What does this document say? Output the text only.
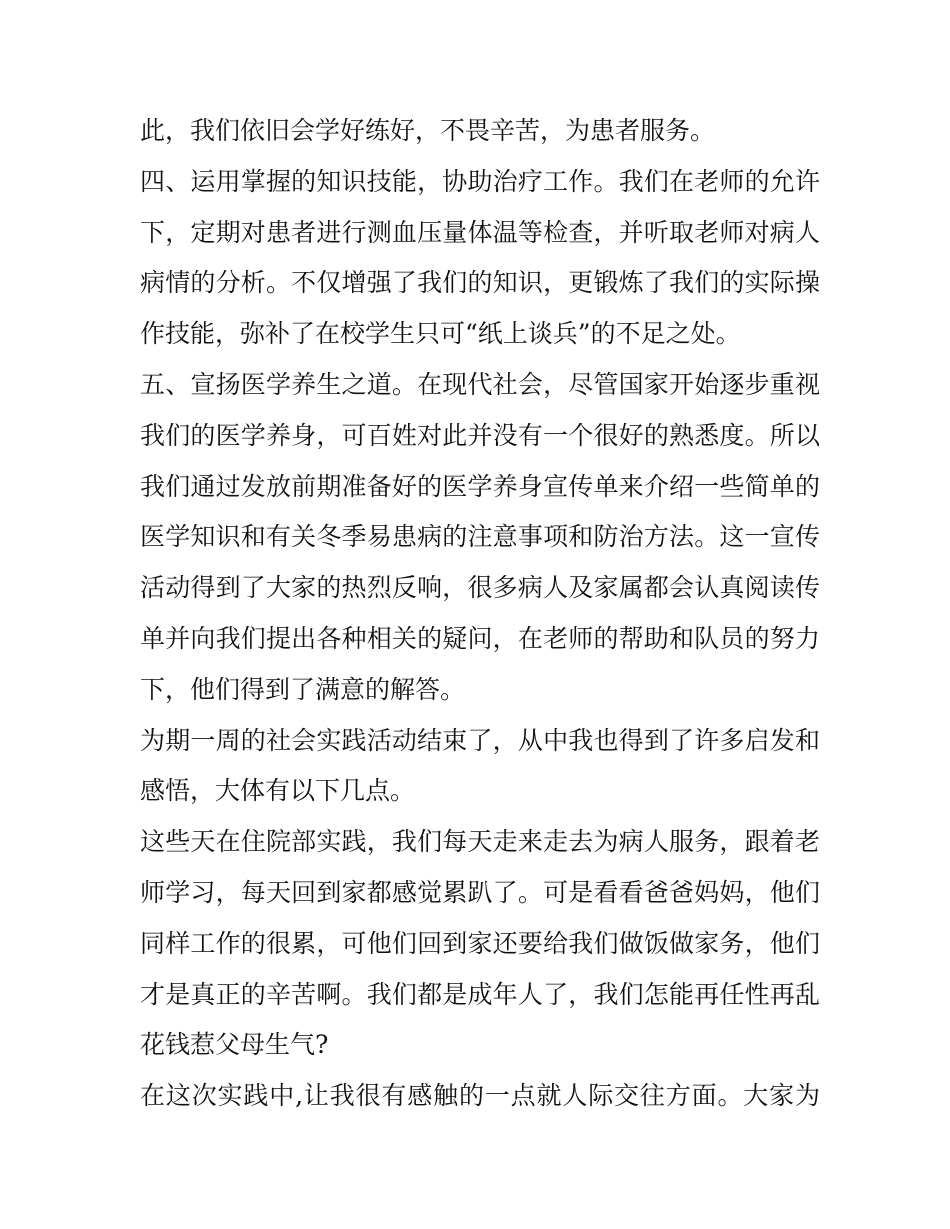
此，我们依旧会学好练好，不畏辛苦，为患者服务。
四、运用掌握的知识技能，协助治疗工作。我们在老师的允许
下，定期对患者进行测血压量体温等检查，并听取老师对病人
病情的分析。不仅增强了我们的知识，更锻炼了我们的实际操
作技能，弥补了在校学生只可“纸上谈兵”的不足之处。
五、宣扬医学养生之道。在现代社会，尽管国家开始逐步重视
我们的医学养身，可百姓对此并没有一个很好的熟悉度。所以
我们通过发放前期准备好的医学养身宣传单来介绍一些简单的
医学知识和有关冬季易患病的注意事项和防治方法。这一宣传
活动得到了大家的热烈反响，很多病人及家属都会认真阅读传
单并向我们提出各种相关的疑问，在老师的帮助和队员的努力
下，他们得到了满意的解答。
为期一周的社会实践活动结束了，从中我也得到了许多启发和
感悟，大体有以下几点。
这些天在住院部实践，我们每天走来走去为病人服务，跟着老
师学习，每天回到家都感觉累趴了。可是看看爸爸妈妈，他们
同样工作的很累，可他们回到家还要给我们做饭做家务，他们
才是真正的辛苦啊。我们都是成年人了，我们怎能再任性再乱
花钱惹父母生气?
在这次实践中,让我很有感触的一点就人际交往方面。大家为
